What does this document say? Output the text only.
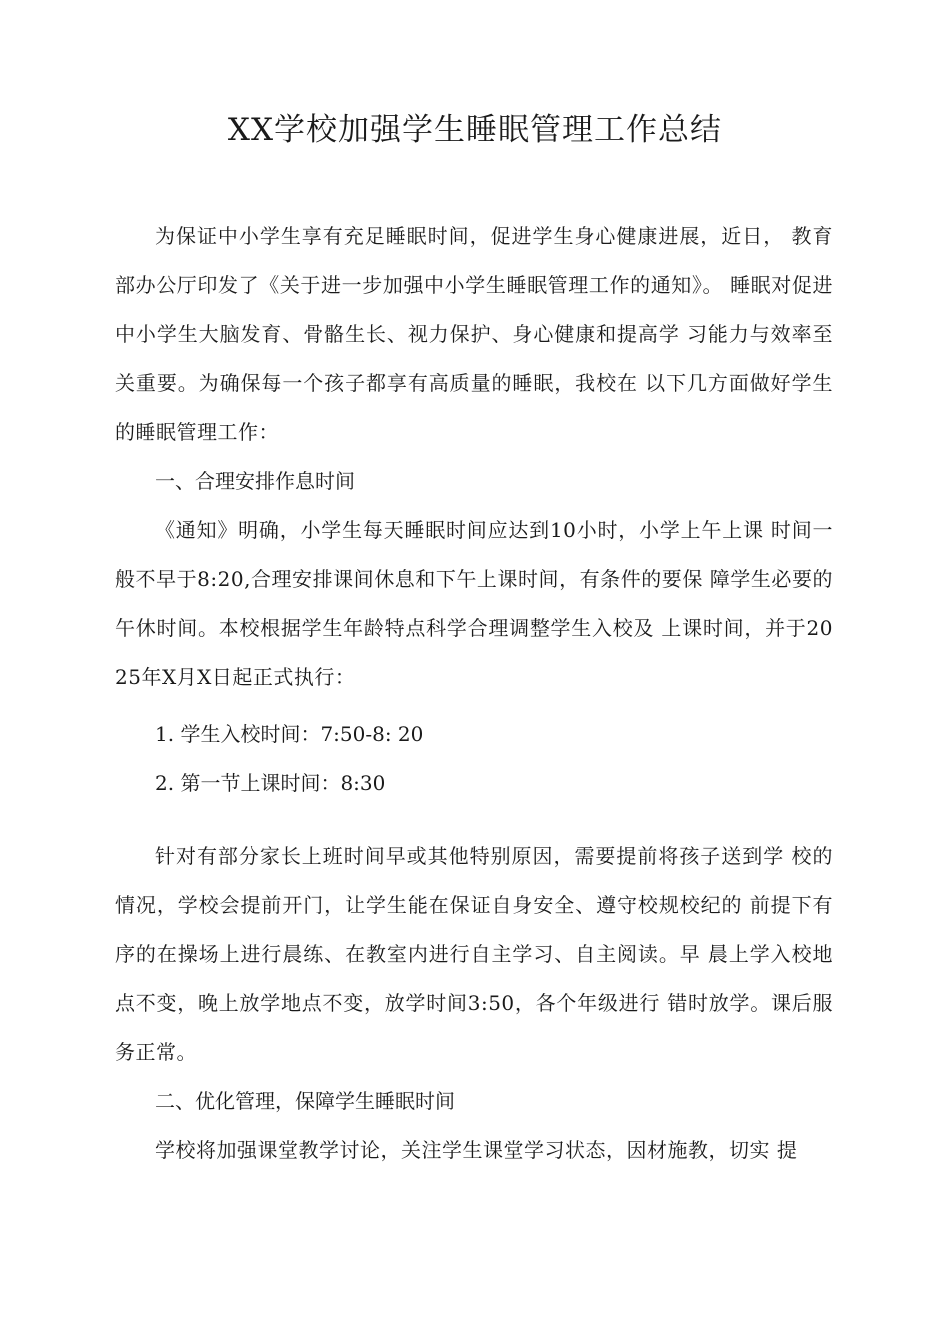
XX学校加强学生睡眠管理工作总结

为保证中小学生享有充足睡眠时间，促进学生身心健康进展，近日， 教育部办公厅印发了《关于进一步加强中小学生睡眠管理工作的通知》。 睡眠对促进中小学生大脑发育、骨骼生长、视力保护、身心健康和提高学 习能力与效率至关重要。为确保每一个孩子都享有高质量的睡眠，我校在 以下几方面做好学生的睡眠管理工作：

一、合理安排作息时间

《通知》明确，小学生每天睡眠时间应达到10小时，小学上午上课 时间一般不早于8:20,合理安排课间休息和下午上课时间，有条件的要保 障学生必要的午休时间。本校根据学生年龄特点科学合理调整学生入校及 上课时间，并于2025年X月X日起正式执行：

1. 学生入校时间：7:50-8: 20
2. 第一节上课时间：8:30

针对有部分家长上班时间早或其他特别原因，需要提前将孩子送到学 校的情况，学校会提前开门，让学生能在保证自身安全、遵守校规校纪的 前提下有序的在操场上进行晨练、在教室内进行自主学习、自主阅读。早 晨上学入校地点不变，晚上放学地点不变，放学时间3:50，各个年级进行 错时放学。课后服务正常。

二、优化管理，保障学生睡眠时间

学校将加强课堂教学讨论，关注学生课堂学习状态，因材施教，切实 提
